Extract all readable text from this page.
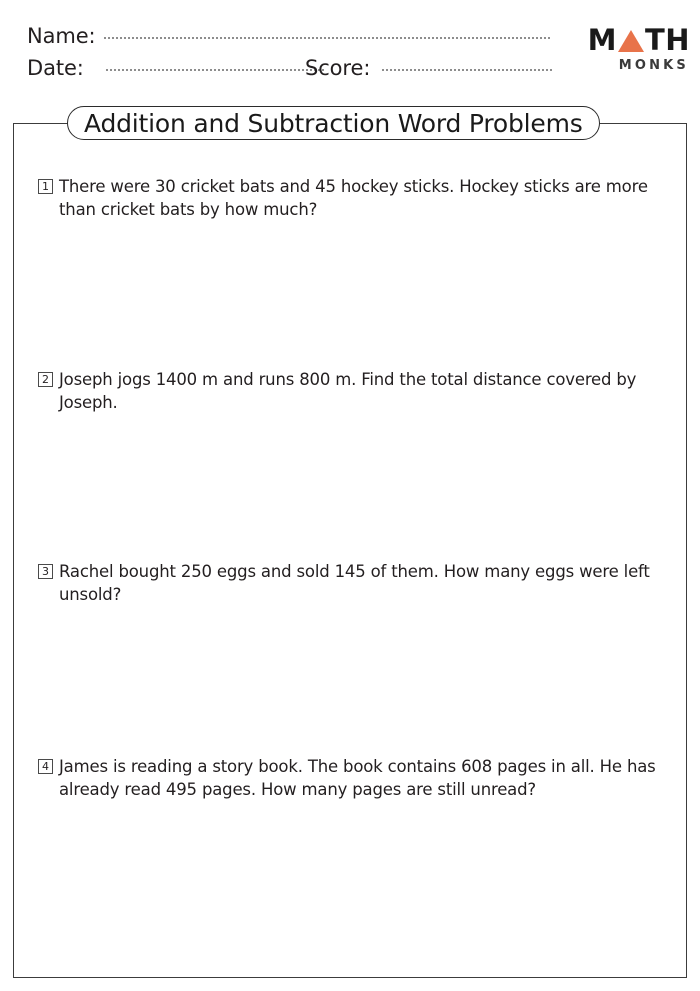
Name:
Date:	Score:
M TH
MONKS
Addition and Subtraction Word Problems
1 There were 30 cricket bats and 45 hockey sticks. Hockey sticks are more than cricket bats by how much?
2 Joseph jogs 1400 m and runs 800 m. Find the total distance covered by Joseph.
3 Rachel bought 250 eggs and sold 145 of them. How many eggs were left unsold?
4 James is reading a story book. The book contains 608 pages in all. He has already read 495 pages. How many pages are still unread?
